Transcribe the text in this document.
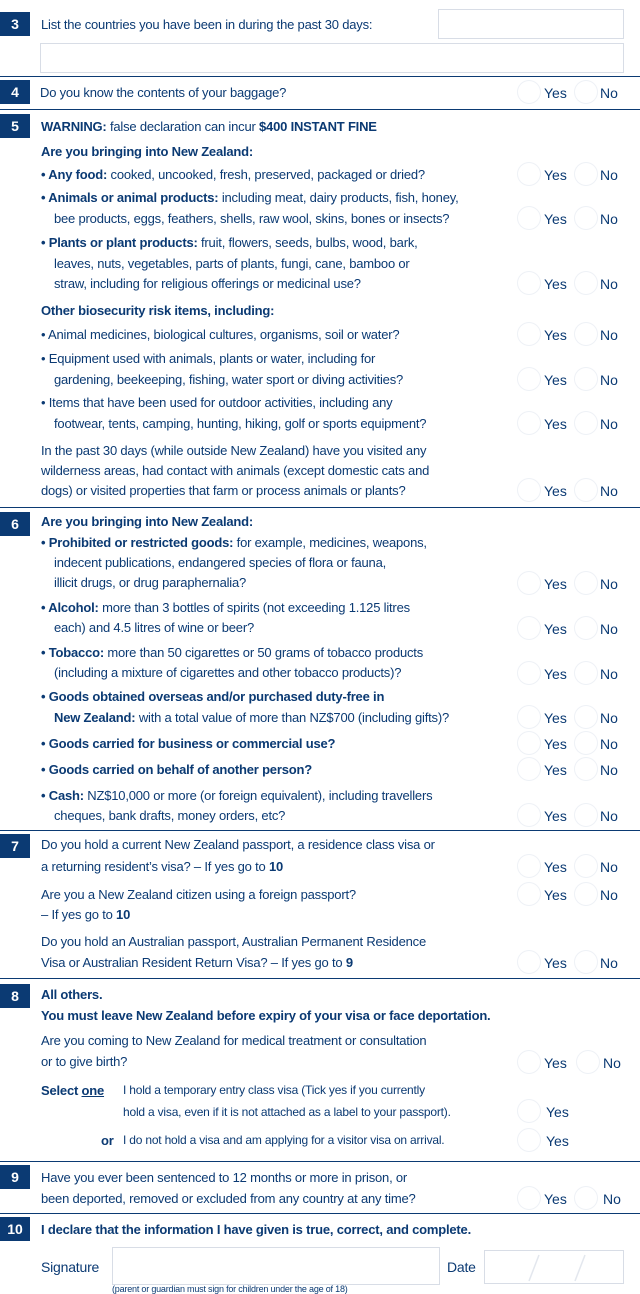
3	List the countries you have been in during the past 30 days:
4	Do you know the contents of your baggage?	Yes No
5	WARNING: false declaration can incur $400 INSTANT FINE
Are you bringing into New Zealand:
• Any food: cooked, uncooked, fresh, preserved, packaged or dried?	Yes No
• Animals or animal products: including meat, dairy products, fish, honey,
bee products, eggs, feathers, shells, raw wool, skins, bones or insects?	Yes No
• Plants or plant products: fruit, flowers, seeds, bulbs, wood, bark,
leaves, nuts, vegetables, parts of plants, fungi, cane, bamboo or
straw, including for religious offerings or medicinal use?	Yes No
Other biosecurity risk items, including:
• Animal medicines, biological cultures, organisms, soil or water?	Yes No
• Equipment used with animals, plants or water, including for
gardening, beekeeping, fishing, water sport or diving activities?	Yes No
• Items that have been used for outdoor activities, including any
footwear, tents, camping, hunting, hiking, golf or sports equipment?	Yes No
In the past 30 days (while outside New Zealand) have you visited any
wilderness areas, had contact with animals (except domestic cats and
dogs) or visited properties that farm or process animals or plants?	Yes No
6	Are you bringing into New Zealand:
• Prohibited or restricted goods: for example, medicines, weapons,
indecent publications, endangered species of flora or fauna,
illicit drugs, or drug paraphernalia?	Yes No
• Alcohol: more than 3 bottles of spirits (not exceeding 1.125 litres
each) and 4.5 litres of wine or beer?	Yes No
• Tobacco: more than 50 cigarettes or 50 grams of tobacco products
(including a mixture of cigarettes and other tobacco products)?	Yes No
• Goods obtained overseas and/or purchased duty-free in
New Zealand: with a total value of more than NZ$700 (including gifts)?	Yes No
• Goods carried for business or commercial use?	Yes No
• Goods carried on behalf of another person?	Yes No
• Cash: NZ$10,000 or more (or foreign equivalent), including travellers
cheques, bank drafts, money orders, etc?	Yes No
7	Do you hold a current New Zealand passport, a residence class visa or
a returning resident’s visa? – If yes go to 10	Yes No
Are you a New Zealand citizen using a foreign passport?
– If yes go to 10
Yes No
Do you hold an Australian passport, Australian Permanent Residence
Visa or Australian Resident Return Visa? – If yes go to 9	Yes No
8	All others.
You must leave New Zealand before expiry of your visa or face deportation.
Are you coming to New Zealand for medical treatment or consultation
or to give birth?	Yes	No
Select one I hold a temporary entry class visa (Tick yes if you currently
hold a visa, even if it is not attached as a label to your passport).	Yes
or I do not hold a visa and am applying for a visitor visa on arrival.	Yes
9	Have you ever been sentenced to 12 months or more in prison, or
been deported, removed or excluded from any country at any time?	Yes	No
10	I declare that the information I have given is true, correct, and complete.
Signature	Date
(parent or guardian must sign for children under the age of 18)
